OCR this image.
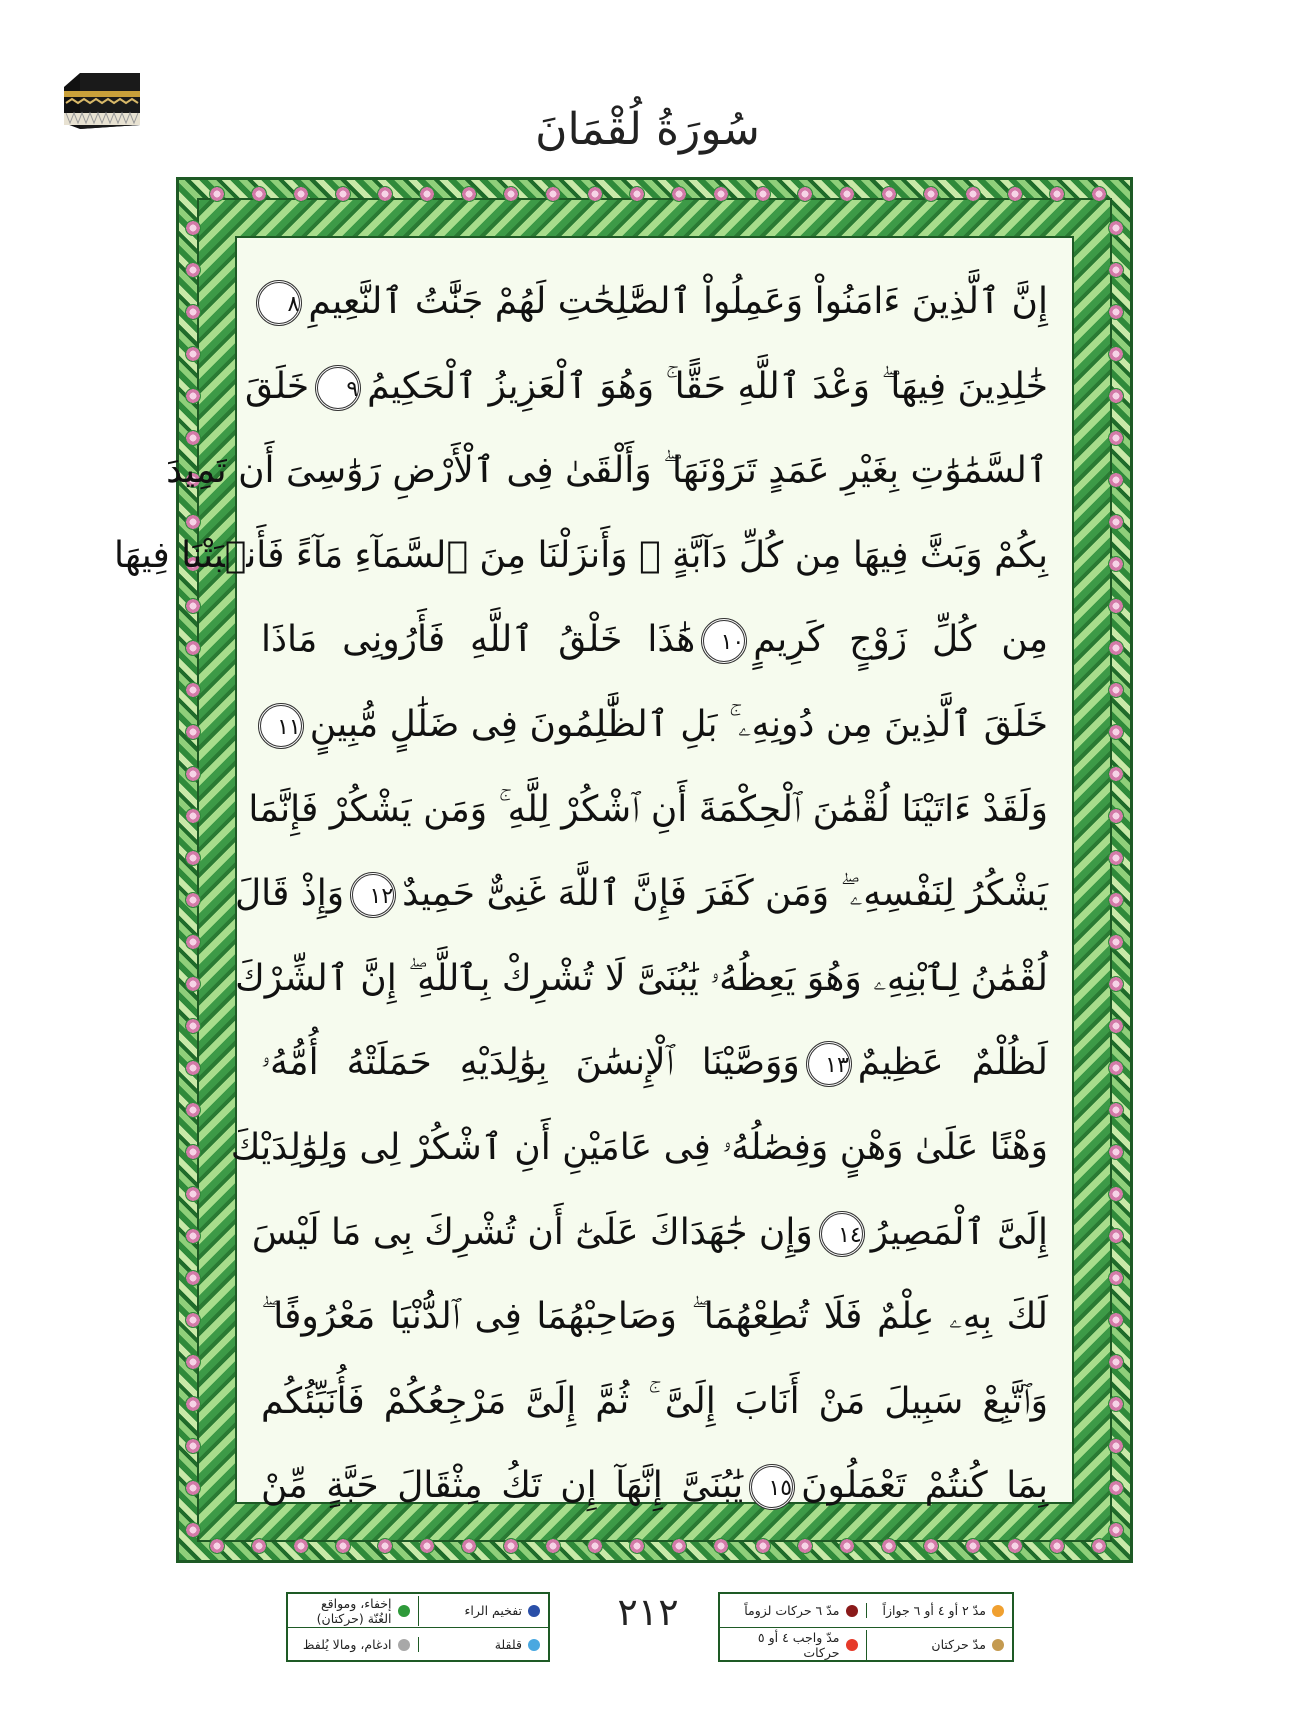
سُورَةُ لُقْمَانَ
إِنَّ ٱلَّذِينَ ءَامَنُواْ وَعَمِلُواْ ٱلصَّٰلِحَٰتِ لَهُمْ جَنَّٰتُ ٱلنَّعِيمِ٨
خَٰلِدِينَ فِيهَا ۖ وَعْدَ ٱللَّهِ حَقًّا ۚ وَهُوَ ٱلْعَزِيزُ ٱلْحَكِيمُ٩خَلَقَ
ٱلسَّمَٰوَٰتِ بِغَيْرِ عَمَدٍ تَرَوْنَهَا ۖ وَأَلْقَىٰ فِى ٱلْأَرْضِ رَوَٰسِىَ أَن تَمِيدَ
بِكُمْ وَبَثَّ فِيهَا مِن كُلِّ دَآبَّةٍ ۚ وَأَنزَلْنَا مِنَ ٱلسَّمَآءِ مَآءً فَأَنۢبَتْنَا فِيهَا
مِن كُلِّ زَوْجٍ كَرِيمٍ١٠هَٰذَا خَلْقُ ٱللَّهِ فَأَرُونِى مَاذَا
خَلَقَ ٱلَّذِينَ مِن دُونِهِۦ ۚ بَلِ ٱلظَّٰلِمُونَ فِى ضَلَٰلٍ مُّبِينٍ١١
وَلَقَدْ ءَاتَيْنَا لُقْمَٰنَ ٱلْحِكْمَةَ أَنِ ٱشْكُرْ لِلَّهِ ۚ وَمَن يَشْكُرْ فَإِنَّمَا
يَشْكُرُ لِنَفْسِهِۦ ۖ وَمَن كَفَرَ فَإِنَّ ٱللَّهَ غَنِىٌّ حَمِيدٌ١٢وَإِذْ قَالَ
لُقْمَٰنُ لِٱبْنِهِۦ وَهُوَ يَعِظُهُۥ يَٰبُنَىَّ لَا تُشْرِكْ بِٱللَّهِ ۖ إِنَّ ٱلشِّرْكَ
لَظُلْمٌ عَظِيمٌ١٣وَوَصَّيْنَا ٱلْإِنسَٰنَ بِوَٰلِدَيْهِ حَمَلَتْهُ أُمُّهُۥ
وَهْنًا عَلَىٰ وَهْنٍ وَفِصَٰلُهُۥ فِى عَامَيْنِ أَنِ ٱشْكُرْ لِى وَلِوَٰلِدَيْكَ
إِلَىَّ ٱلْمَصِيرُ١٤وَإِن جَٰهَدَاكَ عَلَىٰٓ أَن تُشْرِكَ بِى مَا لَيْسَ
لَكَ بِهِۦ عِلْمٌ فَلَا تُطِعْهُمَا ۖ وَصَاحِبْهُمَا فِى ٱلدُّنْيَا مَعْرُوفًا ۖ
وَٱتَّبِعْ سَبِيلَ مَنْ أَنَابَ إِلَىَّ ۚ ثُمَّ إِلَىَّ مَرْجِعُكُمْ فَأُنَبِّئُكُم
بِمَا كُنتُمْ تَعْمَلُونَ١٥يَٰبُنَىَّ إِنَّهَآ إِن تَكُ مِثْقَالَ حَبَّةٍ مِّنْ
٢١٢
تفخيم الراء
إخفاء، ومواقع الغُنّة (حركتان)
قلقلة
ادغام، ومالا يُلفظ
مدّ ٢ أو ٤ أو ٦ جوازاً
مدّ ٦ حركات لزوماً
مدّ حركتان
مدّ واجب ٤ أو ٥ حركات
